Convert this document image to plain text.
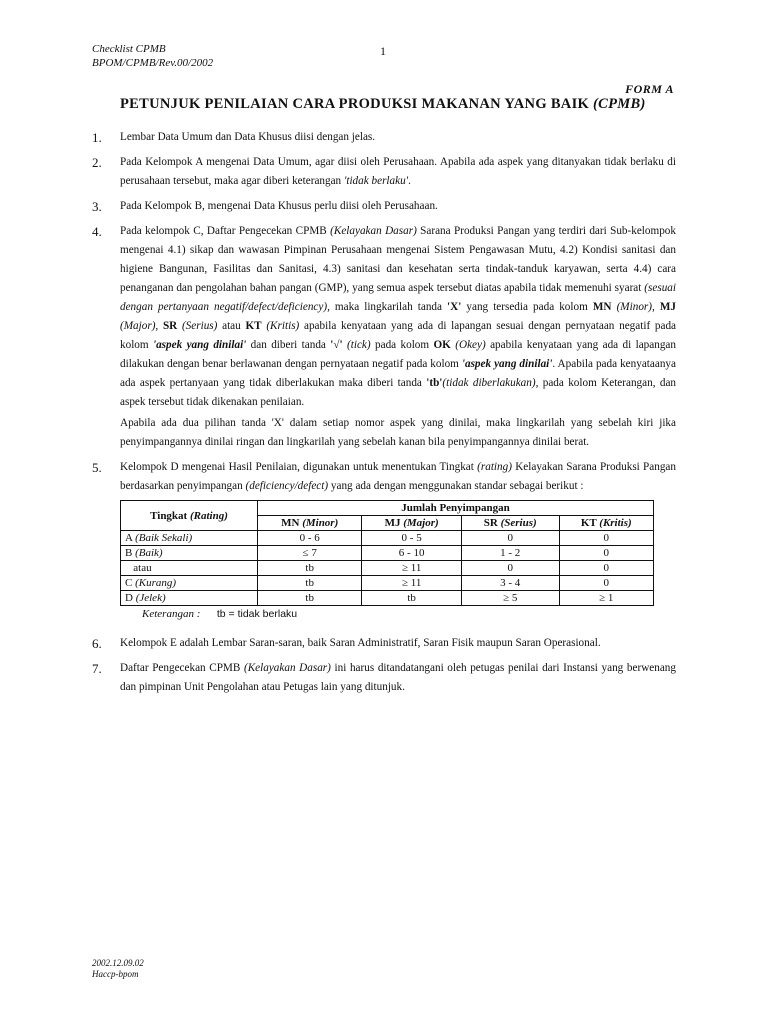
Checklist CPMB
BPOM/CPMB/Rev.00/2002
1
FORM A
PETUNJUK PENILAIAN CARA PRODUKSI MAKANAN YANG BAIK (CPMB)
1. Lembar Data Umum dan Data Khusus diisi dengan jelas.
2. Pada Kelompok A mengenai Data Umum, agar diisi oleh Perusahaan. Apabila ada aspek yang ditanyakan tidak berlaku di perusahaan tersebut, maka agar diberi keterangan 'tidak berlaku'.
3. Pada Kelompok B, mengenai Data Khusus perlu diisi oleh Perusahaan.
4. Pada kelompok C, Daftar Pengecekan CPMB (Kelayakan Dasar) Sarana Produksi Pangan yang terdiri dari Sub-kelompok mengenai 4.1) sikap dan wawasan Pimpinan Perusahaan mengenai Sistem Pengawasan Mutu, 4.2) Kondisi sanitasi dan higiene Bangunan, Fasilitas dan Sanitasi, 4.3) sanitasi dan kesehatan serta tindak-tanduk karyawan, serta 4.4) cara penanganan dan pengolahan bahan pangan (GMP), yang semua aspek tersebut diatas apabila tidak memenuhi syarat (sesuai dengan pertanyaan negatif/defect/deficiency), maka lingkarilah tanda 'X' yang tersedia pada kolom MN (Minor), MJ (Major), SR (Serius) atau KT (Kritis) apabila kenyataan yang ada di lapangan sesuai dengan pernyataan negatif pada kolom 'aspek yang dinilai' dan diberi tanda '√' (tick) pada kolom OK (Okey) apabila kenyataan yang ada di lapangan dilakukan dengan benar berlawanan dengan pernyataan negatif pada kolom 'aspek yang dinilai'. Apabila pada kenyataanya ada aspek pertanyaan yang tidak diberlakukan maka diberi tanda 'tb'(tidak diberlakukan), pada kolom Keterangan, dan aspek tersebut tidak dikenakan penilaian.
Apabila ada dua pilihan tanda 'X' dalam setiap nomor aspek yang dinilai, maka lingkarilah yang sebelah kiri jika penyimpangannya dinilai ringan dan lingkarilah yang sebelah kanan bila penyimpangannya dinilai berat.
5. Kelompok D mengenai Hasil Penilaian, digunakan untuk menentukan Tingkat (rating) Kelayakan Sarana Produksi Pangan berdasarkan penyimpangan (deficiency/defect) yang ada dengan menggunakan standar sebagai berikut :
Tingkat (Rating)	Jumlah Penyimpangan			
	MN (Minor)	MJ (Major)	SR (Serius)	KT (Kritis)
A (Baik Sekali)	0 - 6	0 - 5	0	0
B (Baik)	≤ 7	6 - 10	1 - 2	0
atau	tb	≥ 11	0	0
C (Kurang)	tb	≥ 11	3 - 4	0
D (Jelek)	tb	tb	≥ 5	≥ 1
Keterangan : tb = tidak berlaku
6. Kelompok E adalah Lembar Saran-saran, baik Saran Administratif, Saran Fisik maupun Saran Operasional.
7. Daftar Pengecekan CPMB (Kelayakan Dasar) ini harus ditandatangani oleh petugas penilai dari Instansi yang berwenang dan pimpinan Unit Pengolahan atau Petugas lain yang ditunjuk.
2002.12.09.02
Haccp-bpom
